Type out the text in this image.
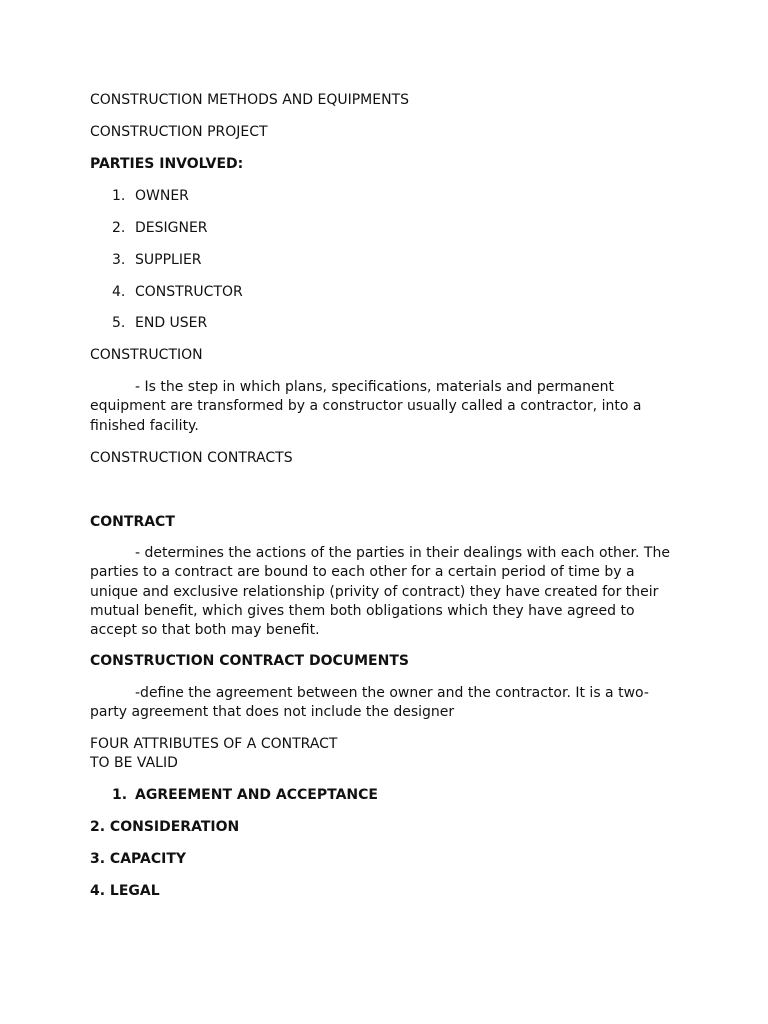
CONSTRUCTION METHODS AND EQUIPMENTS
CONSTRUCTION PROJECT
PARTIES INVOLVED:
1. OWNER
2. DESIGNER
3. SUPPLIER
4. CONSTRUCTOR
5. END USER
CONSTRUCTION
- Is the step in which plans, specifications, materials and permanent
equipment are transformed by a constructor usually called a contractor, into a
finished facility.
CONSTRUCTION CONTRACTS
CONTRACT
- determines the actions of the parties in their dealings with each other. The
parties to a contract are bound to each other for a certain period of time by a
unique and exclusive relationship (privity of contract) they have created for their
mutual benefit, which gives them both obligations which they have agreed to
accept so that both may benefit.
CONSTRUCTION CONTRACT DOCUMENTS
-define the agreement between the owner and the contractor. It is a two-
party agreement that does not include the designer
FOUR ATTRIBUTES OF A CONTRACT
TO BE VALID
1. AGREEMENT AND ACCEPTANCE
2. CONSIDERATION
3. CAPACITY
4. LEGAL
